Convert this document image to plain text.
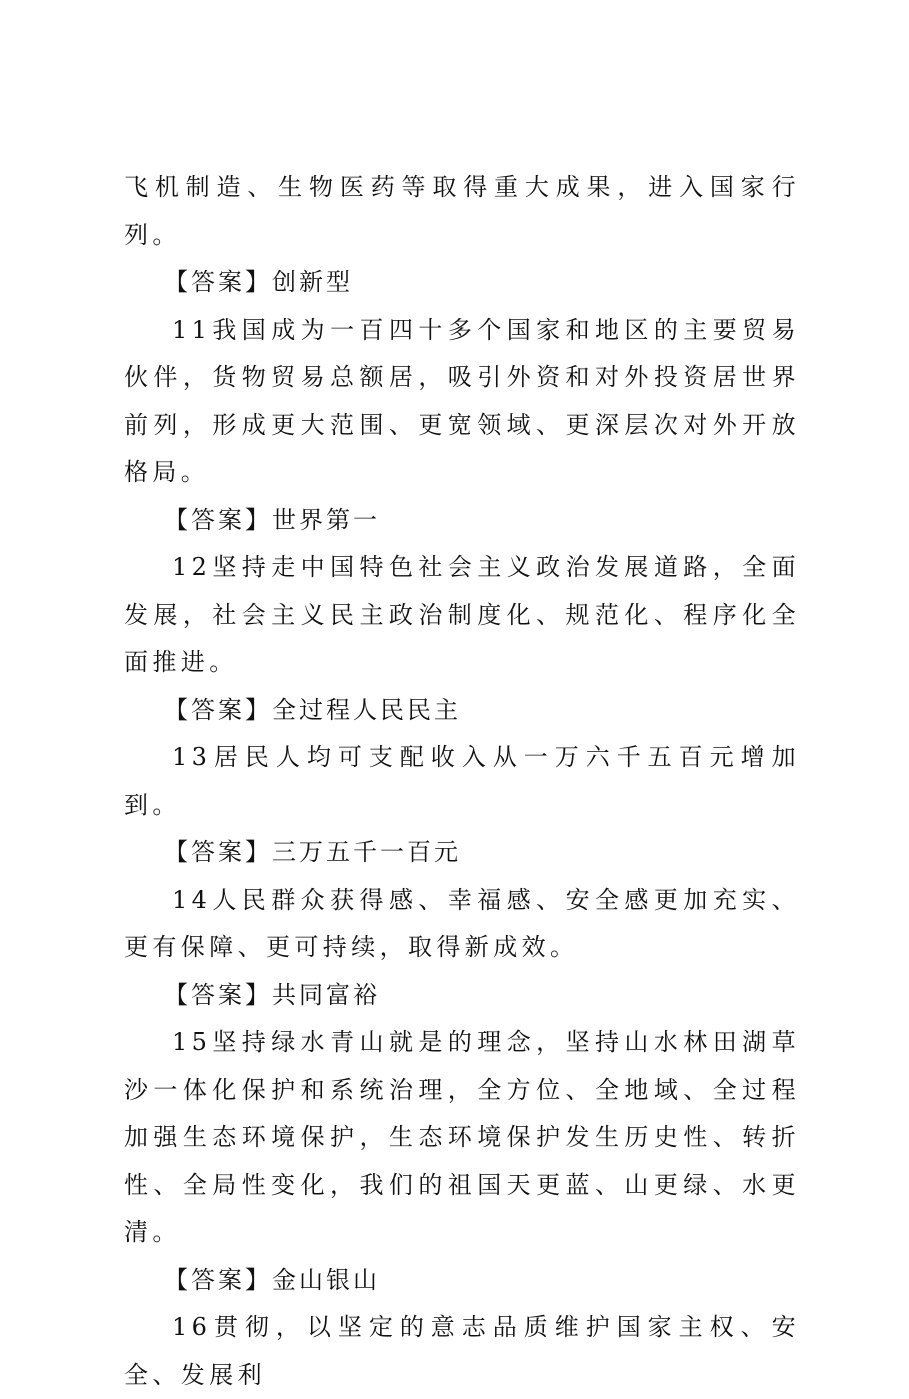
飞机制造、生物医药等取得重大成果，进入国家行列。

【答案】创新型

11我国成为一百四十多个国家和地区的主要贸易伙伴，货物贸易总额居，吸引外资和对外投资居世界前列，形成更大范围、更宽领域、更深层次对外开放格局。

【答案】世界第一

12坚持走中国特色社会主义政治发展道路，全面发展，社会主义民主政治制度化、规范化、程序化全面推进。

【答案】全过程人民民主

13居民人均可支配收入从一万六千五百元增加到。

【答案】三万五千一百元

14人民群众获得感、幸福感、安全感更加充实、更有保障、更可持续，取得新成效。

【答案】共同富裕

15坚持绿水青山就是的理念，坚持山水林田湖草沙一体化保护和系统治理，全方位、全地域、全过程加强生态环境保护，生态环境保护发生历史性、转折性、全局性变化，我们的祖国天更蓝、山更绿、水更清。

【答案】金山银山

16贯彻，以坚定的意志品质维护国家主权、安全、发展利
